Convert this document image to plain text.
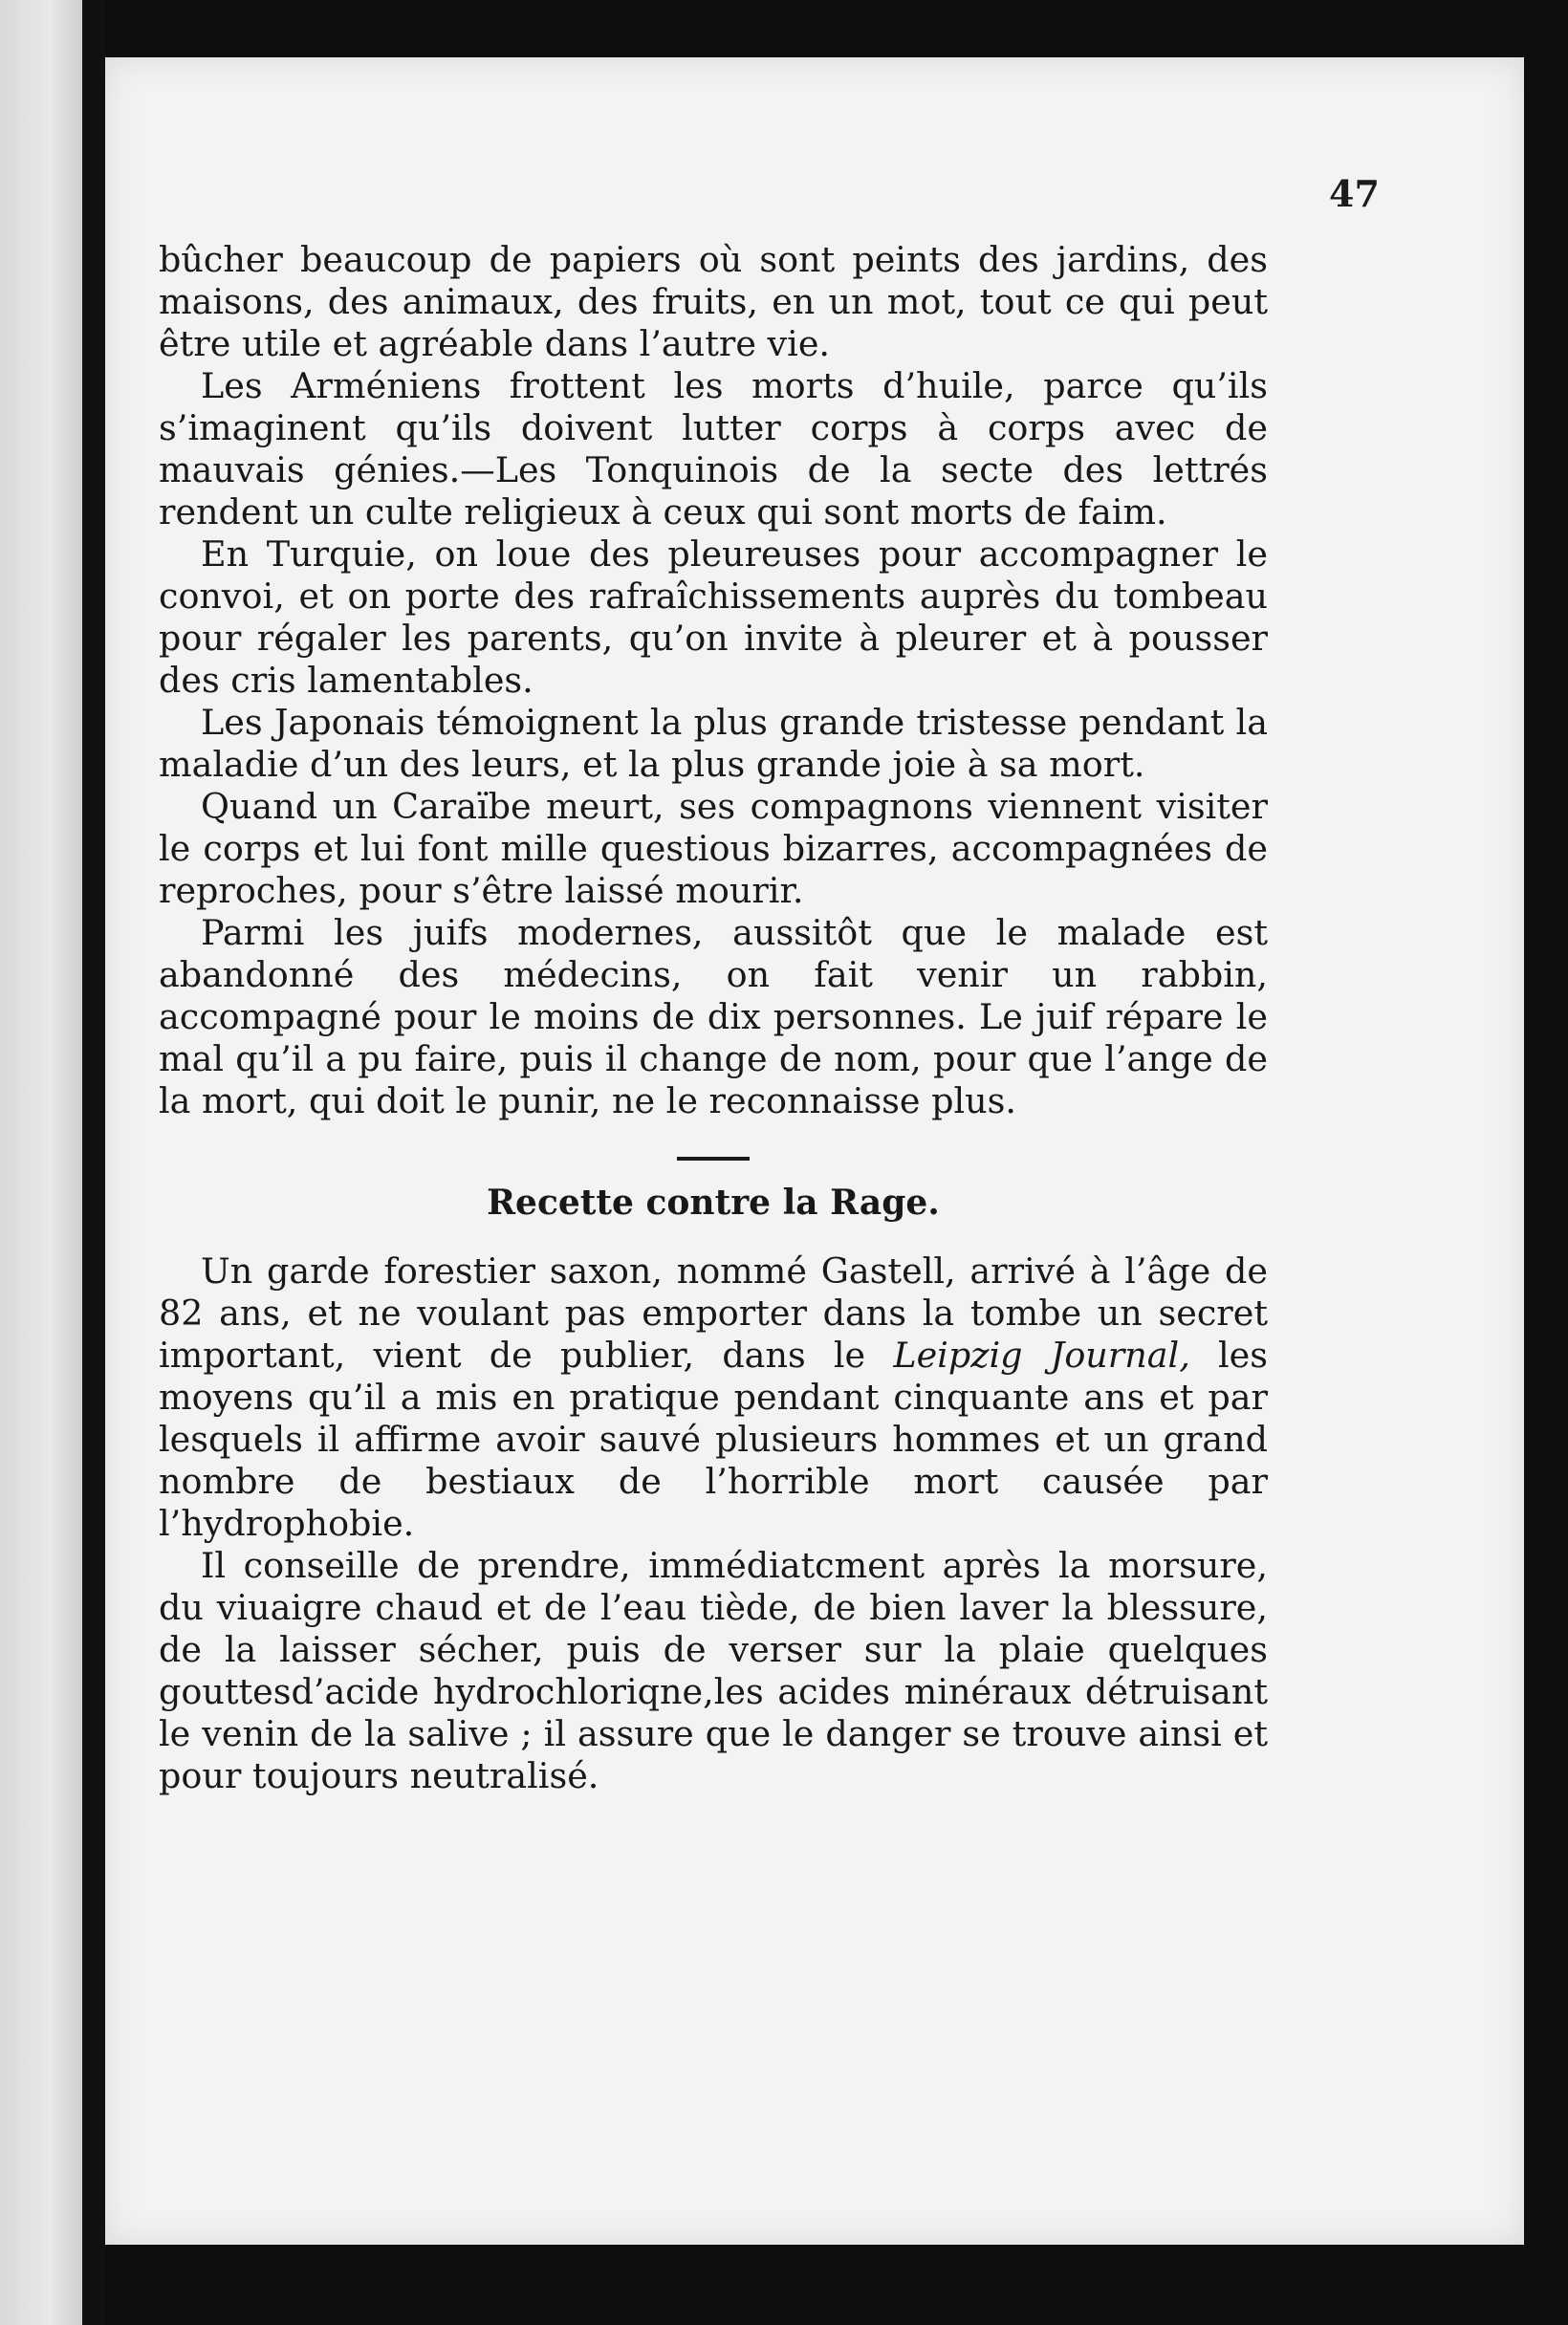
47

bûcher beaucoup de papiers où sont peints des jardins, des maisons, des animaux, des fruits, en un mot, tout ce qui peut être utile et agréable dans l’autre vie.

Les Arméniens frottent les morts d’huile, parce qu’ils s’imaginent qu’ils doivent lutter corps à corps avec de mauvais génies.—Les Tonquinois de la secte des lettrés rendent un culte religieux à ceux qui sont morts de faim.

En Turquie, on loue des pleureuses pour accompagner le convoi, et on porte des rafraîchissements auprès du tombeau pour régaler les parents, qu’on invite à pleurer et à pousser des cris lamentables.

Les Japonais témoignent la plus grande tristesse pendant la maladie d’un des leurs, et la plus grande joie à sa mort.

Quand un Caraïbe meurt, ses compagnons viennent visiter le corps et lui font mille questious bizarres, accompagnées de reproches, pour s’être laissé mourir.

Parmi les juifs modernes, aussitôt que le malade est abandonné des médecins, on fait venir un rabbin, accompagné pour le moins de dix personnes. Le juif répare le mal qu’il a pu faire, puis il change de nom, pour que l’ange de la mort, qui doit le punir, ne le reconnaisse plus.

Recette contre la Rage.

Un garde forestier saxon, nommé Gastell, arrivé à l’âge de 82 ans, et ne voulant pas emporter dans la tombe un secret important, vient de publier, dans le Leipzig Journal, les moyens qu’il a mis en pratique pendant cinquante ans et par lesquels il affirme avoir sauvé plusieurs hommes et un grand nombre de bestiaux de l’horrible mort causée par l’hydrophobie.

Il conseille de prendre, immédiatcment après la morsure, du viuaigre chaud et de l’eau tiède, de bien laver la blessure, de la laisser sécher, puis de verser sur la plaie quelques gouttesd’acide hydrochloriqne,les acides minéraux détruisant le venin de la salive ; il assure que le danger se trouve ainsi et pour toujours neutralisé.
